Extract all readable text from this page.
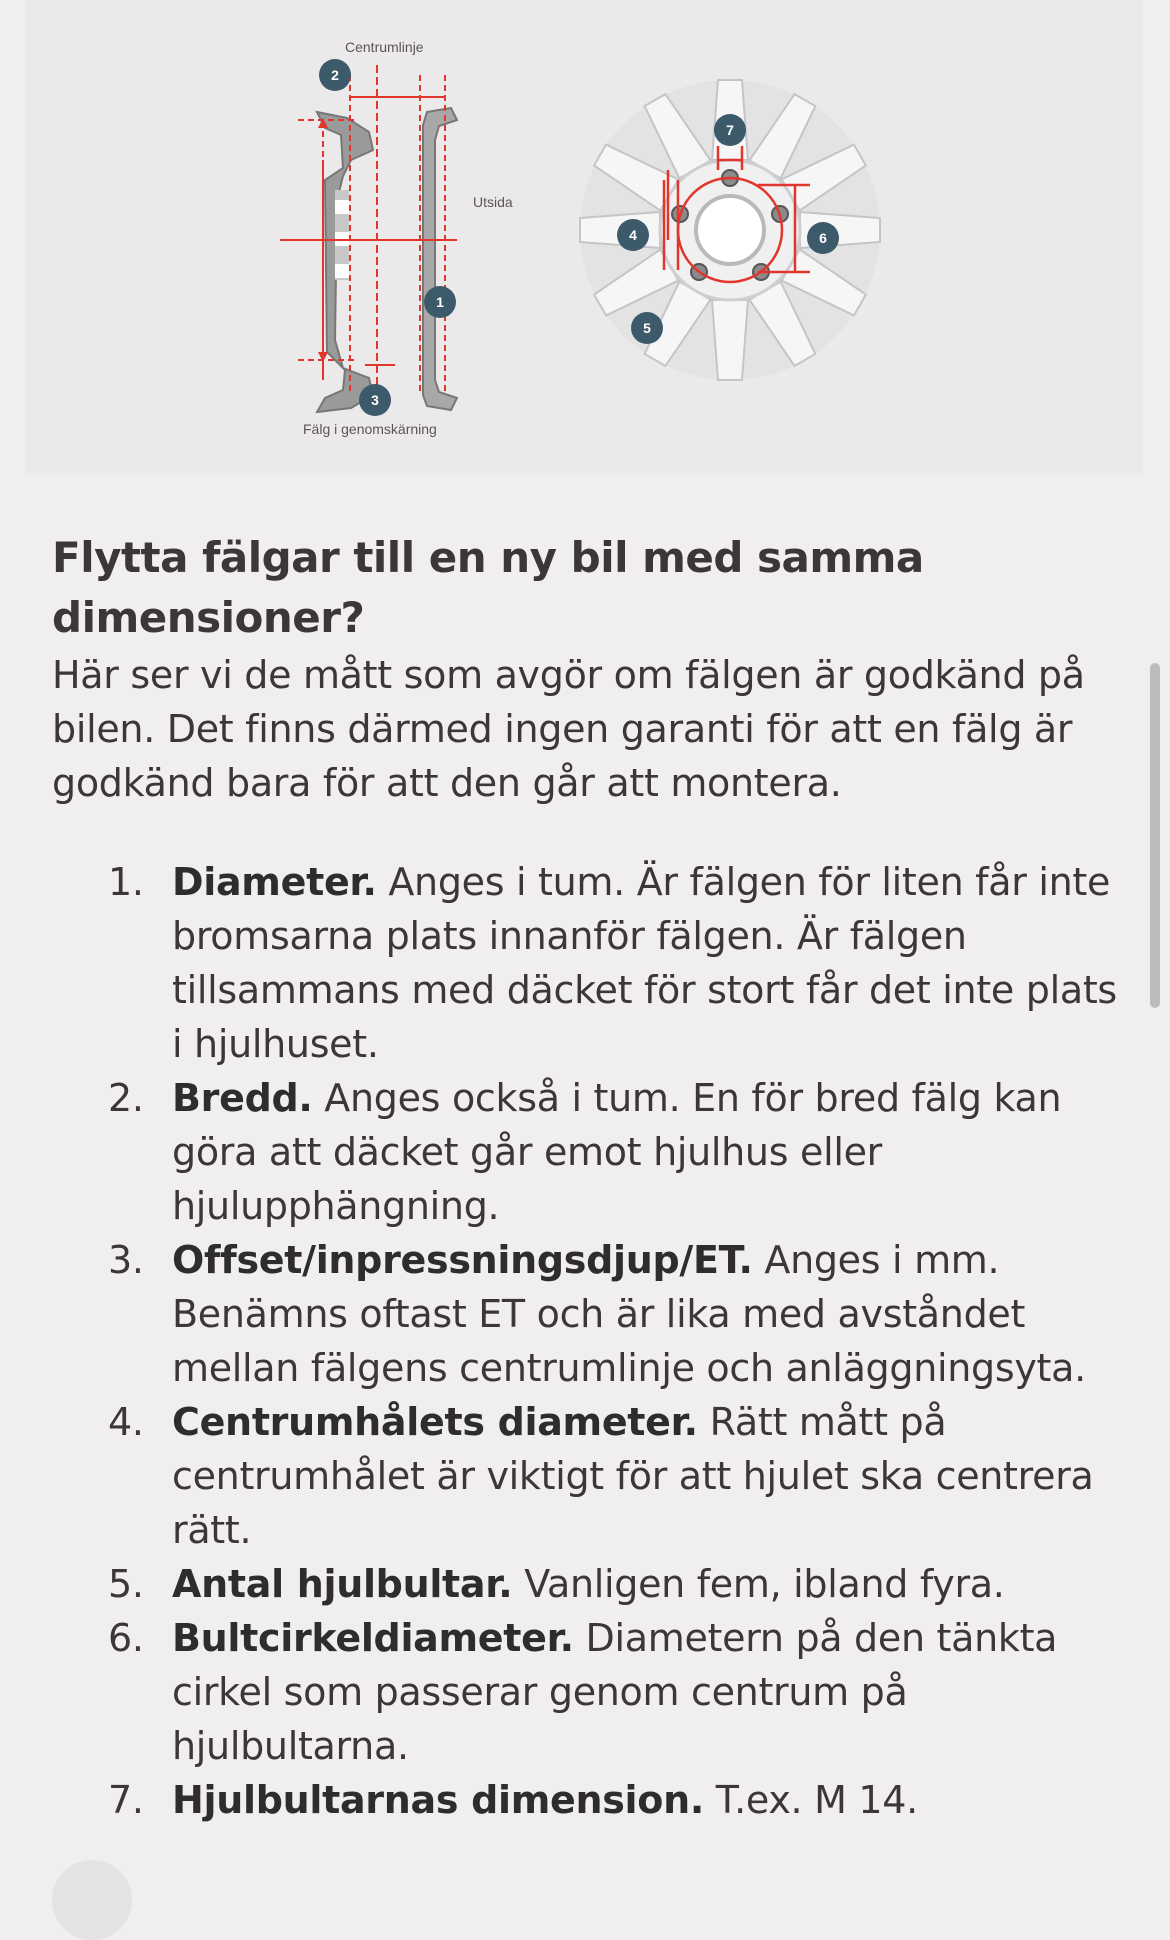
Centrumlinje
Utsida
Fälg i genomskärning
1
2
3
4
5
6
7
Flytta fälgar till en ny bil med samma dimensioner?

Här ser vi de mått som avgör om fälgen är godkänd på bilen. Det finns därmed ingen garanti för att en fälg är godkänd bara för att den går att montera.

1. Diameter. Anges i tum. Är fälgen för liten får inte bromsarna plats innanför fälgen. Är fälgen tillsammans med däcket för stort får det inte plats i hjulhuset.
2. Bredd. Anges också i tum. En för bred fälg kan göra att däcket går emot hjulhus eller hjulupphängning.
3. Offset/inpressningsdjup/ET. Anges i mm. Benämns oftast ET och är lika med avståndet mellan fälgens centrumlinje och anläggningsyta.
4. Centrumhålets diameter. Rätt mått på centrumhålet är viktigt för att hjulet ska centrera rätt.
5. Antal hjulbultar. Vanligen fem, ibland fyra.
6. Bultcirkeldiameter. Diametern på den tänkta cirkel som passerar genom centrum på hjulbultarna.
7. Hjulbultarnas dimension. T.ex. M 14.
